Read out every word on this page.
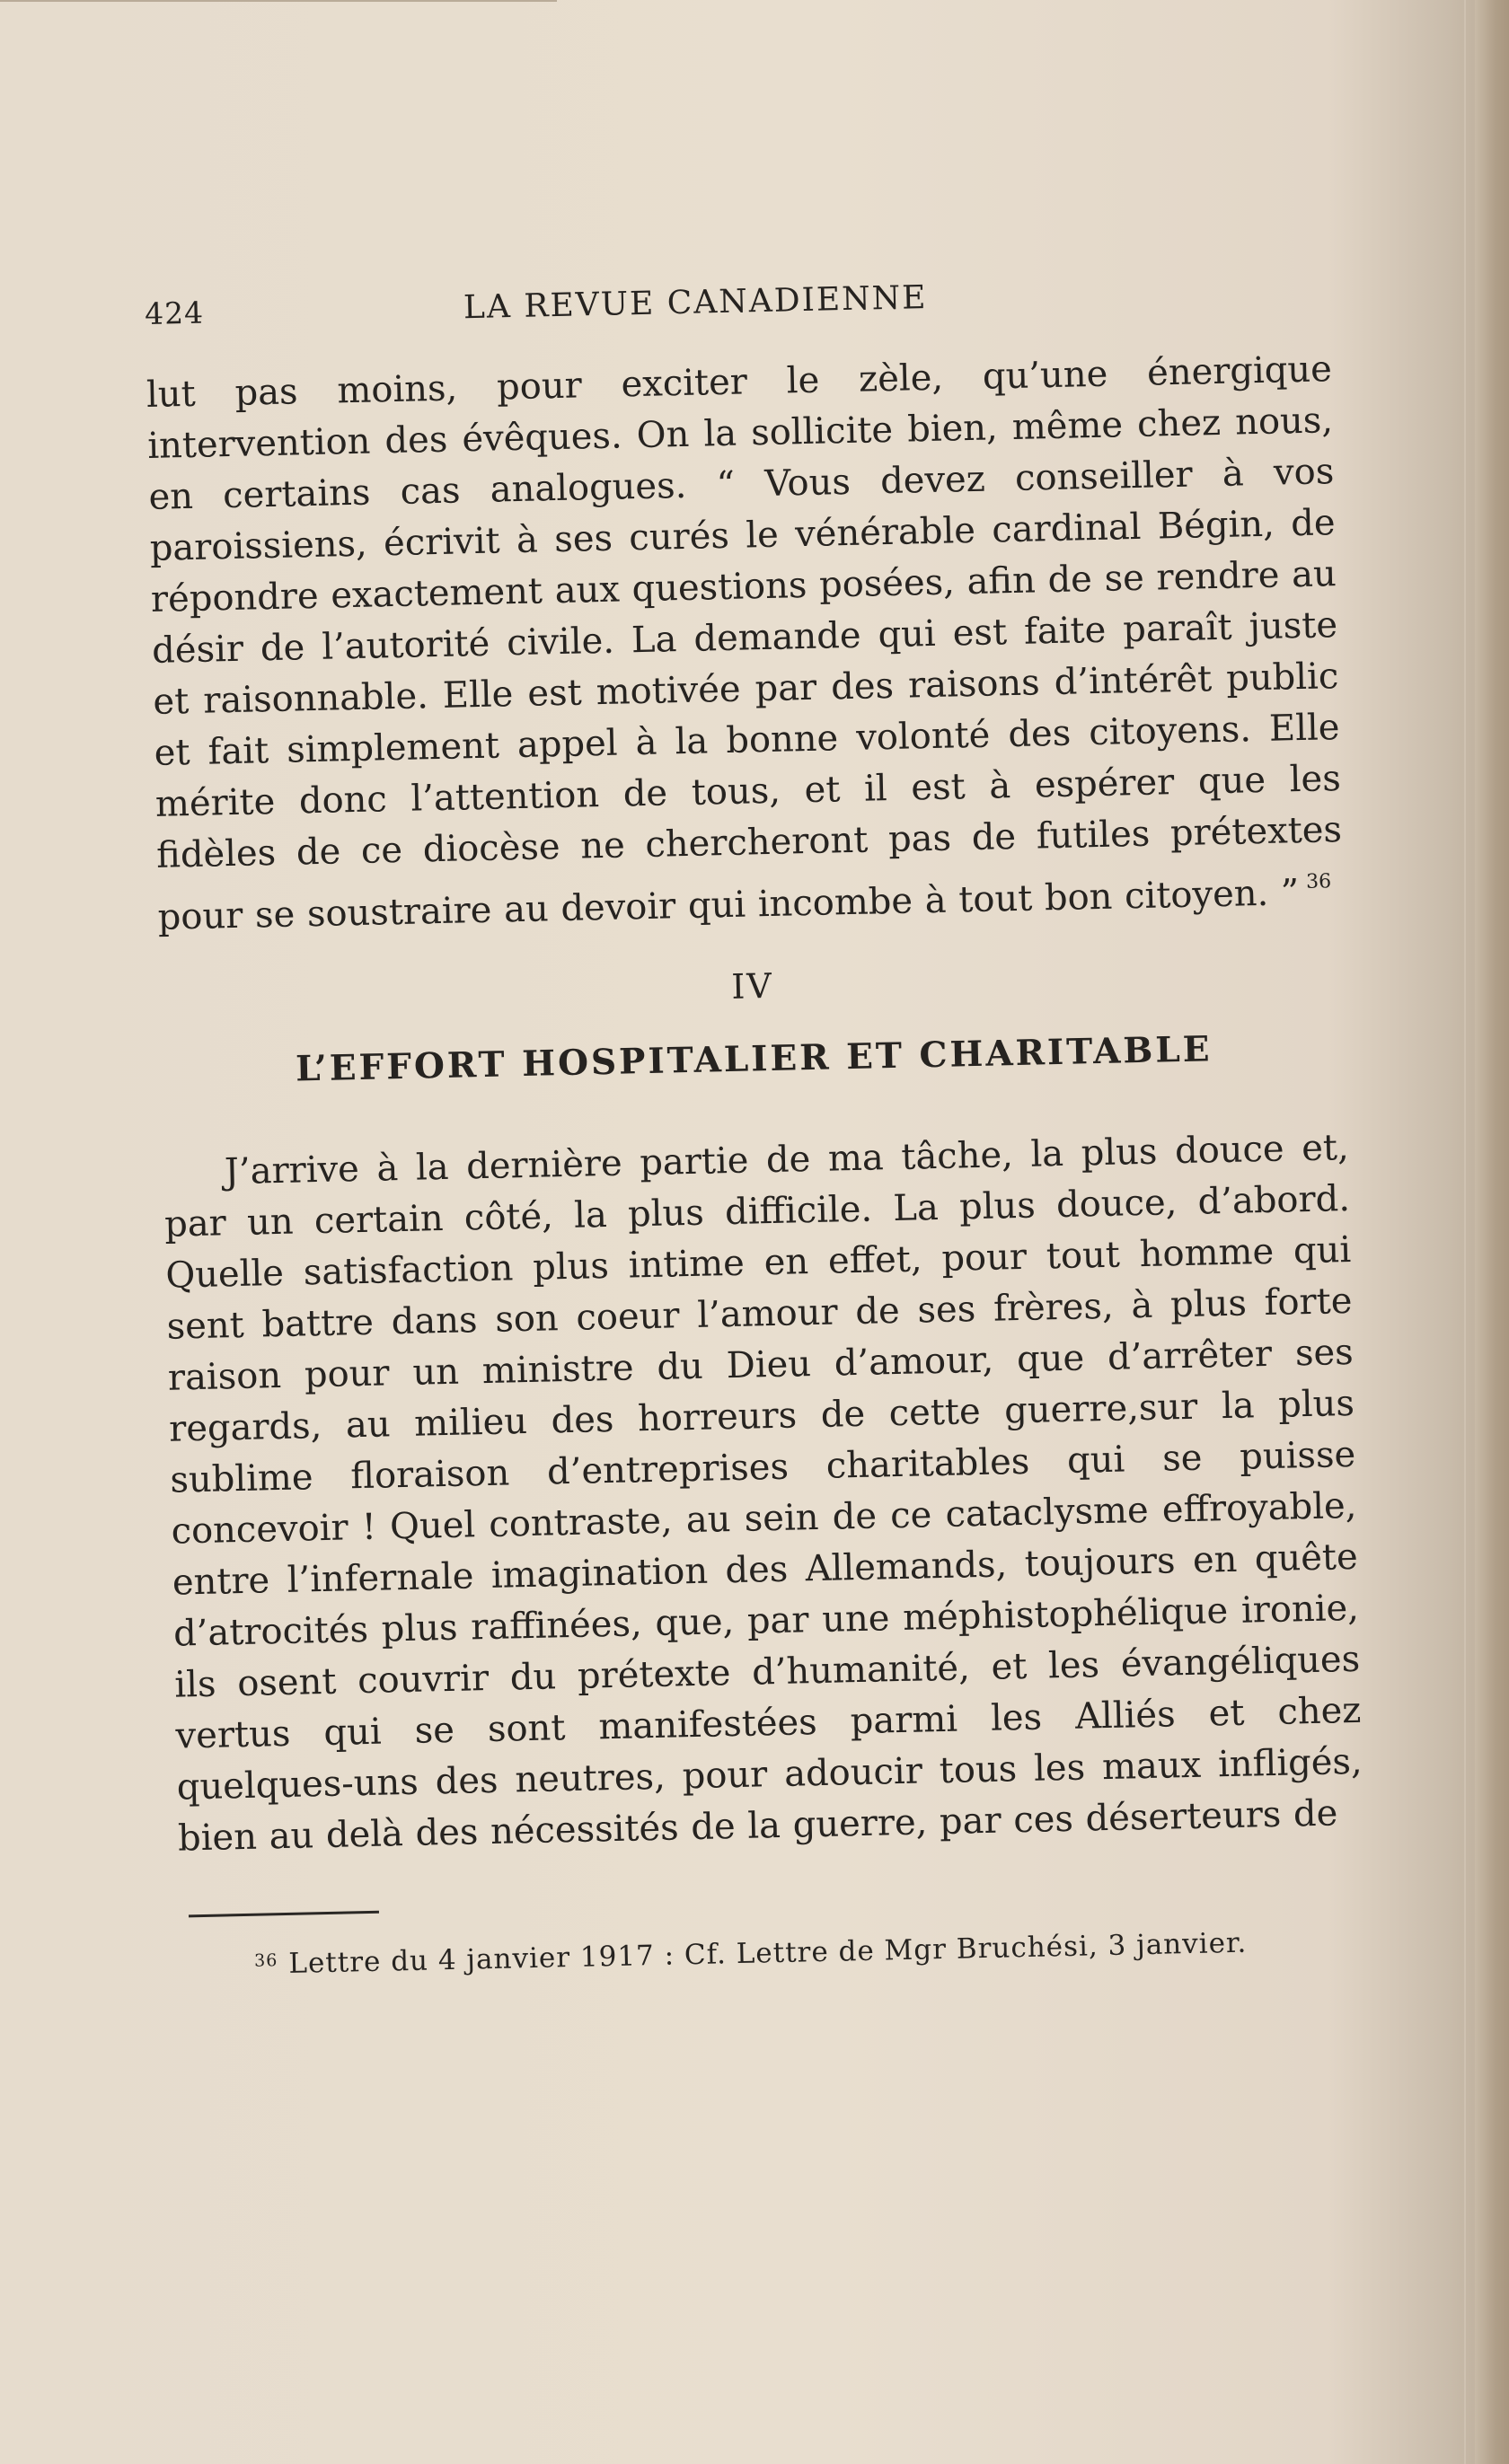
424	LA REVUE CANADIENNE

lut pas moins, pour exciter le zèle, qu’une énergique intervention des évêques. On la sollicite bien, même chez nous, en certains cas analogues. “ Vous devez conseiller à vos paroissiens, écrivit à ses curés le vénérable cardinal Bégin, de répondre exactement aux questions posées, afin de se rendre au désir de l’autorité civile. La demande qui est faite paraît juste et raisonnable. Elle est motivée par des raisons d’intérêt public et fait simplement appel à la bonne volonté des citoyens. Elle mérite donc l’attention de tous, et il est à espérer que les fidèles de ce diocèse ne chercheront pas de futiles prétextes pour se soustraire au devoir qui incombe à tout bon citoyen. ” $^{36}$

IV
L’EFFORT HOSPITALIER ET CHARITABLE

J’arrive à la dernière partie de ma tâche, la plus douce et, par un certain côté, la plus difficile. La plus douce, d’abord. Quelle satisfaction plus intime en effet, pour tout homme qui sent battre dans son coeur l’amour de ses frères, à plus forte raison pour un ministre du Dieu d’amour, que d’arrêter ses regards, au milieu des horreurs de cette guerre,sur la plus sublime floraison d’entreprises charitables qui se puisse concevoir ! Quel contraste, au sein de ce cataclysme effroyable, entre l’infernale imagination des Allemands, toujours en quête d’atrocités plus raffinées, que, par une méphistophélique ironie, ils osent couvrir du prétexte d’humanité, et les évangéliques vertus qui se sont manifestées parmi les Alliés et chez quelques-uns des neutres, pour adoucir tous les maux infligés, bien au delà des nécessités de la guerre, par ces déserteurs de

$^{36}$ Lettre du 4 janvier 1917 : Cf. Lettre de Mgr Bruchési, 3 janvier.
